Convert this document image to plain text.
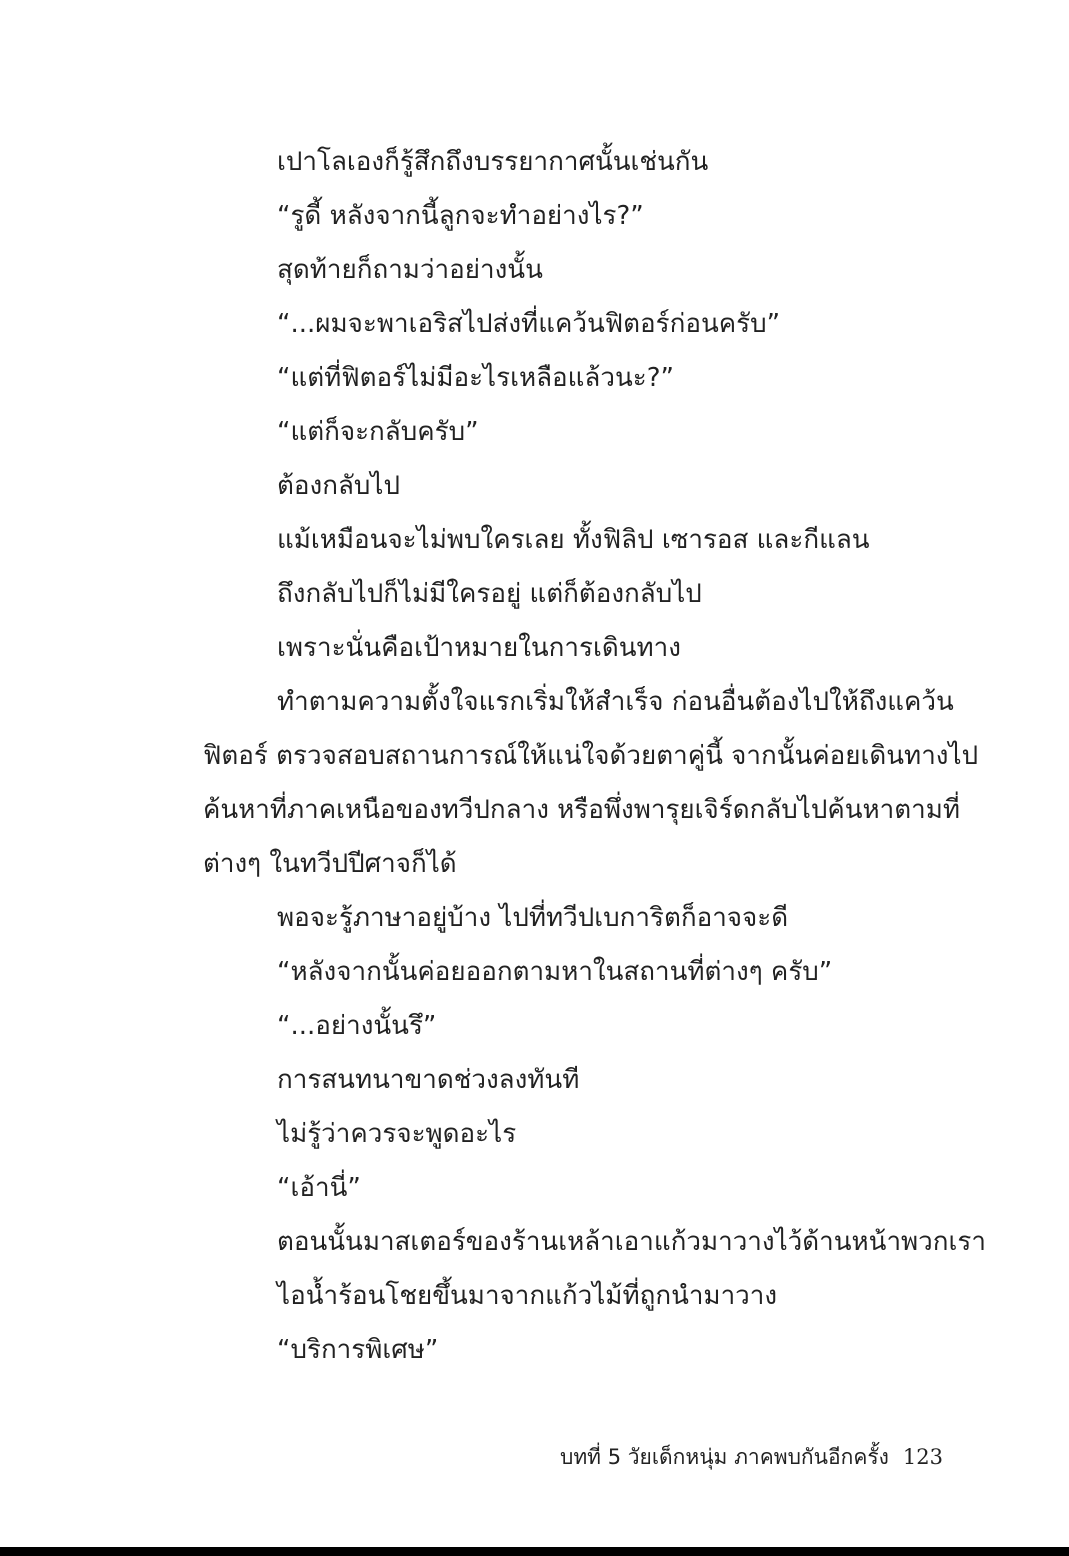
เปาโลเองก็รู้สึกถึงบรรยากาศนั้นเช่นกัน
“รูดี้ หลังจากนี้ลูกจะทำอย่างไร?”
สุดท้ายก็ถามว่าอย่างนั้น
“...ผมจะพาเอริสไปส่งที่แคว้นฟิตอร์ก่อนครับ”
“แต่ที่ฟิตอร์ไม่มีอะไรเหลือแล้วนะ?”
“แต่ก็จะกลับครับ”
ต้องกลับไป
แม้เหมือนจะไม่พบใครเลย ทั้งฟิลิป เซารอส และกีแลน
ถึงกลับไปก็ไม่มีใครอยู่ แต่ก็ต้องกลับไป
เพราะนั่นคือเป้าหมายในการเดินทาง
ทำตามความตั้งใจแรกเริ่มให้สำเร็จ ก่อนอื่นต้องไปให้ถึงแคว้น
ฟิตอร์ ตรวจสอบสถานการณ์ให้แน่ใจด้วยตาคู่นี้ จากนั้นค่อยเดินทางไป
ค้นหาที่ภาคเหนือของทวีปกลาง หรือพึ่งพารุยเจิร์ดกลับไปค้นหาตามที่
ต่างๆ ในทวีปปีศาจก็ได้
พอจะรู้ภาษาอยู่บ้าง ไปที่ทวีปเบการิตก็อาจจะดี
“หลังจากนั้นค่อยออกตามหาในสถานที่ต่างๆ ครับ”
“...อย่างนั้นรึ”
การสนทนาขาดช่วงลงทันที
ไม่รู้ว่าควรจะพูดอะไร
“เอ้านี่”
ตอนนั้นมาสเตอร์ของร้านเหล้าเอาแก้วมาวางไว้ด้านหน้าพวกเรา
ไอน้ำร้อนโชยขึ้นมาจากแก้วไม้ที่ถูกนำมาวาง
“บริการพิเศษ”
บทที่ 5 วัยเด็กหนุ่ม ภาคพบกันอีกครั้ง 123
